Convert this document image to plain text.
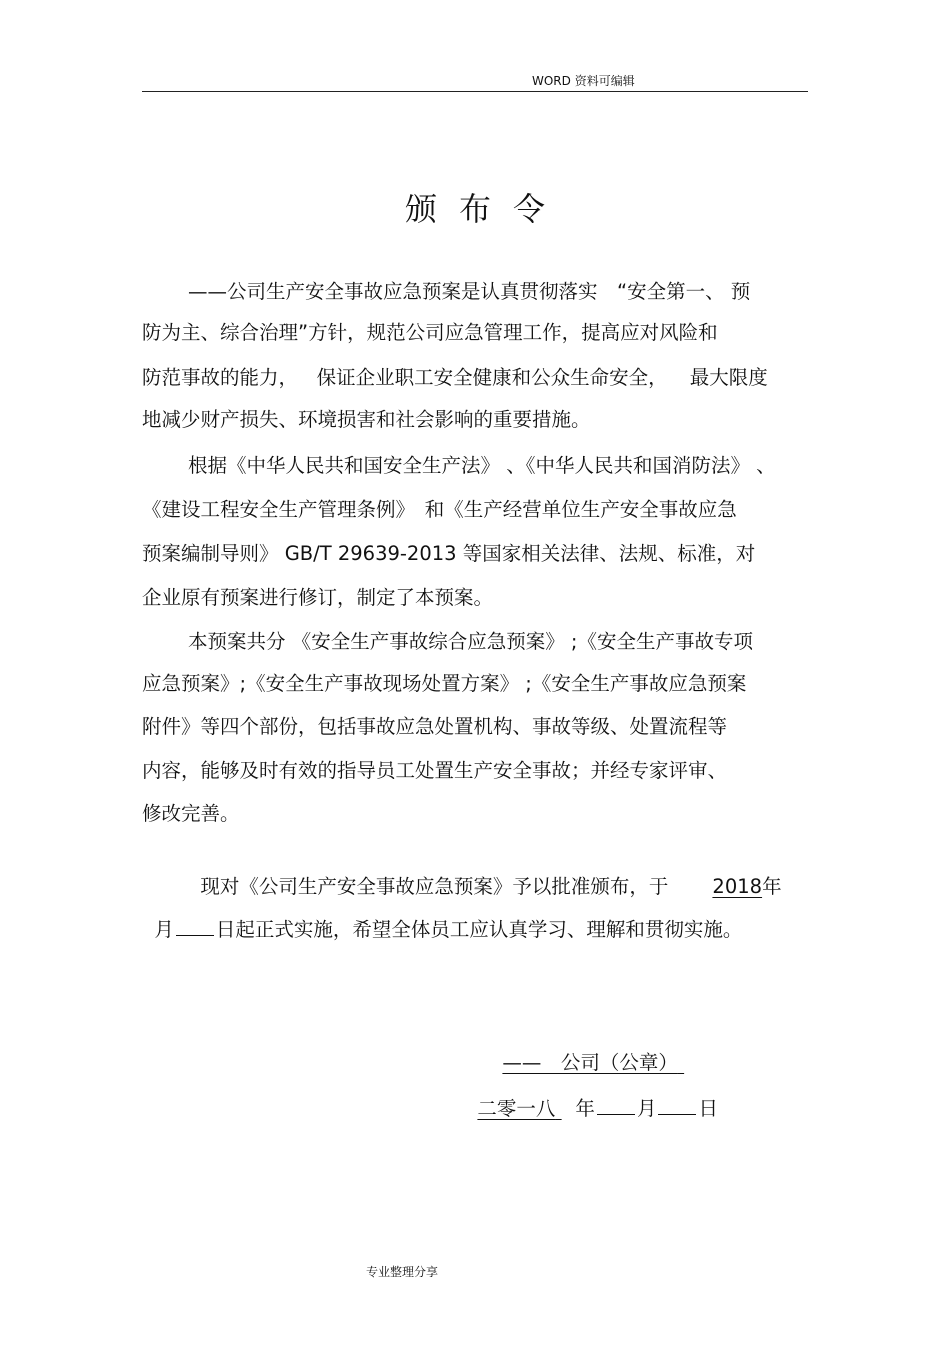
WORD 资料可编辑
颁布令
——公司生产安全事故应急预案是认真贯彻落实　“安全第一、 预
防为主、综合治理”方针，规范公司应急管理工作，提高应对风险和
防范事故的能力，   保证企业职工安全健康和公众生命安全，　  最大限度
地减少财产损失、环境损害和社会影响的重要措施。
根据《中华人民共和国安全生产法》 、《中华人民共和国消防法》 、
《建设工程安全生产管理条例》　和《生产经营单位生产安全事故应急
预案编制导则》 GB/T 29639-2013 等国家相关法律、法规、标准，对
企业原有预案进行修订，制定了本预案。
本预案共分 《安全生产事故综合应急预案》 ;《安全生产事故专项
应急预案》;《安全生产事故现场处置方案》 ;《安全生产事故应急预案
附件》等四个部份，包括事故应急处置机构、事故等级、处置流程等
内容，能够及时有效的指导员工处置生产安全事故；并经专家评审、
修改完善。

现对《公司生产安全事故应急预案》予以批准颁布，于 2018年

月 日起正式实施，希望全体员工应认真学习、理解和贯彻实施。

——　公司（公章）

二零一八 年 月 日

专业整理分享
